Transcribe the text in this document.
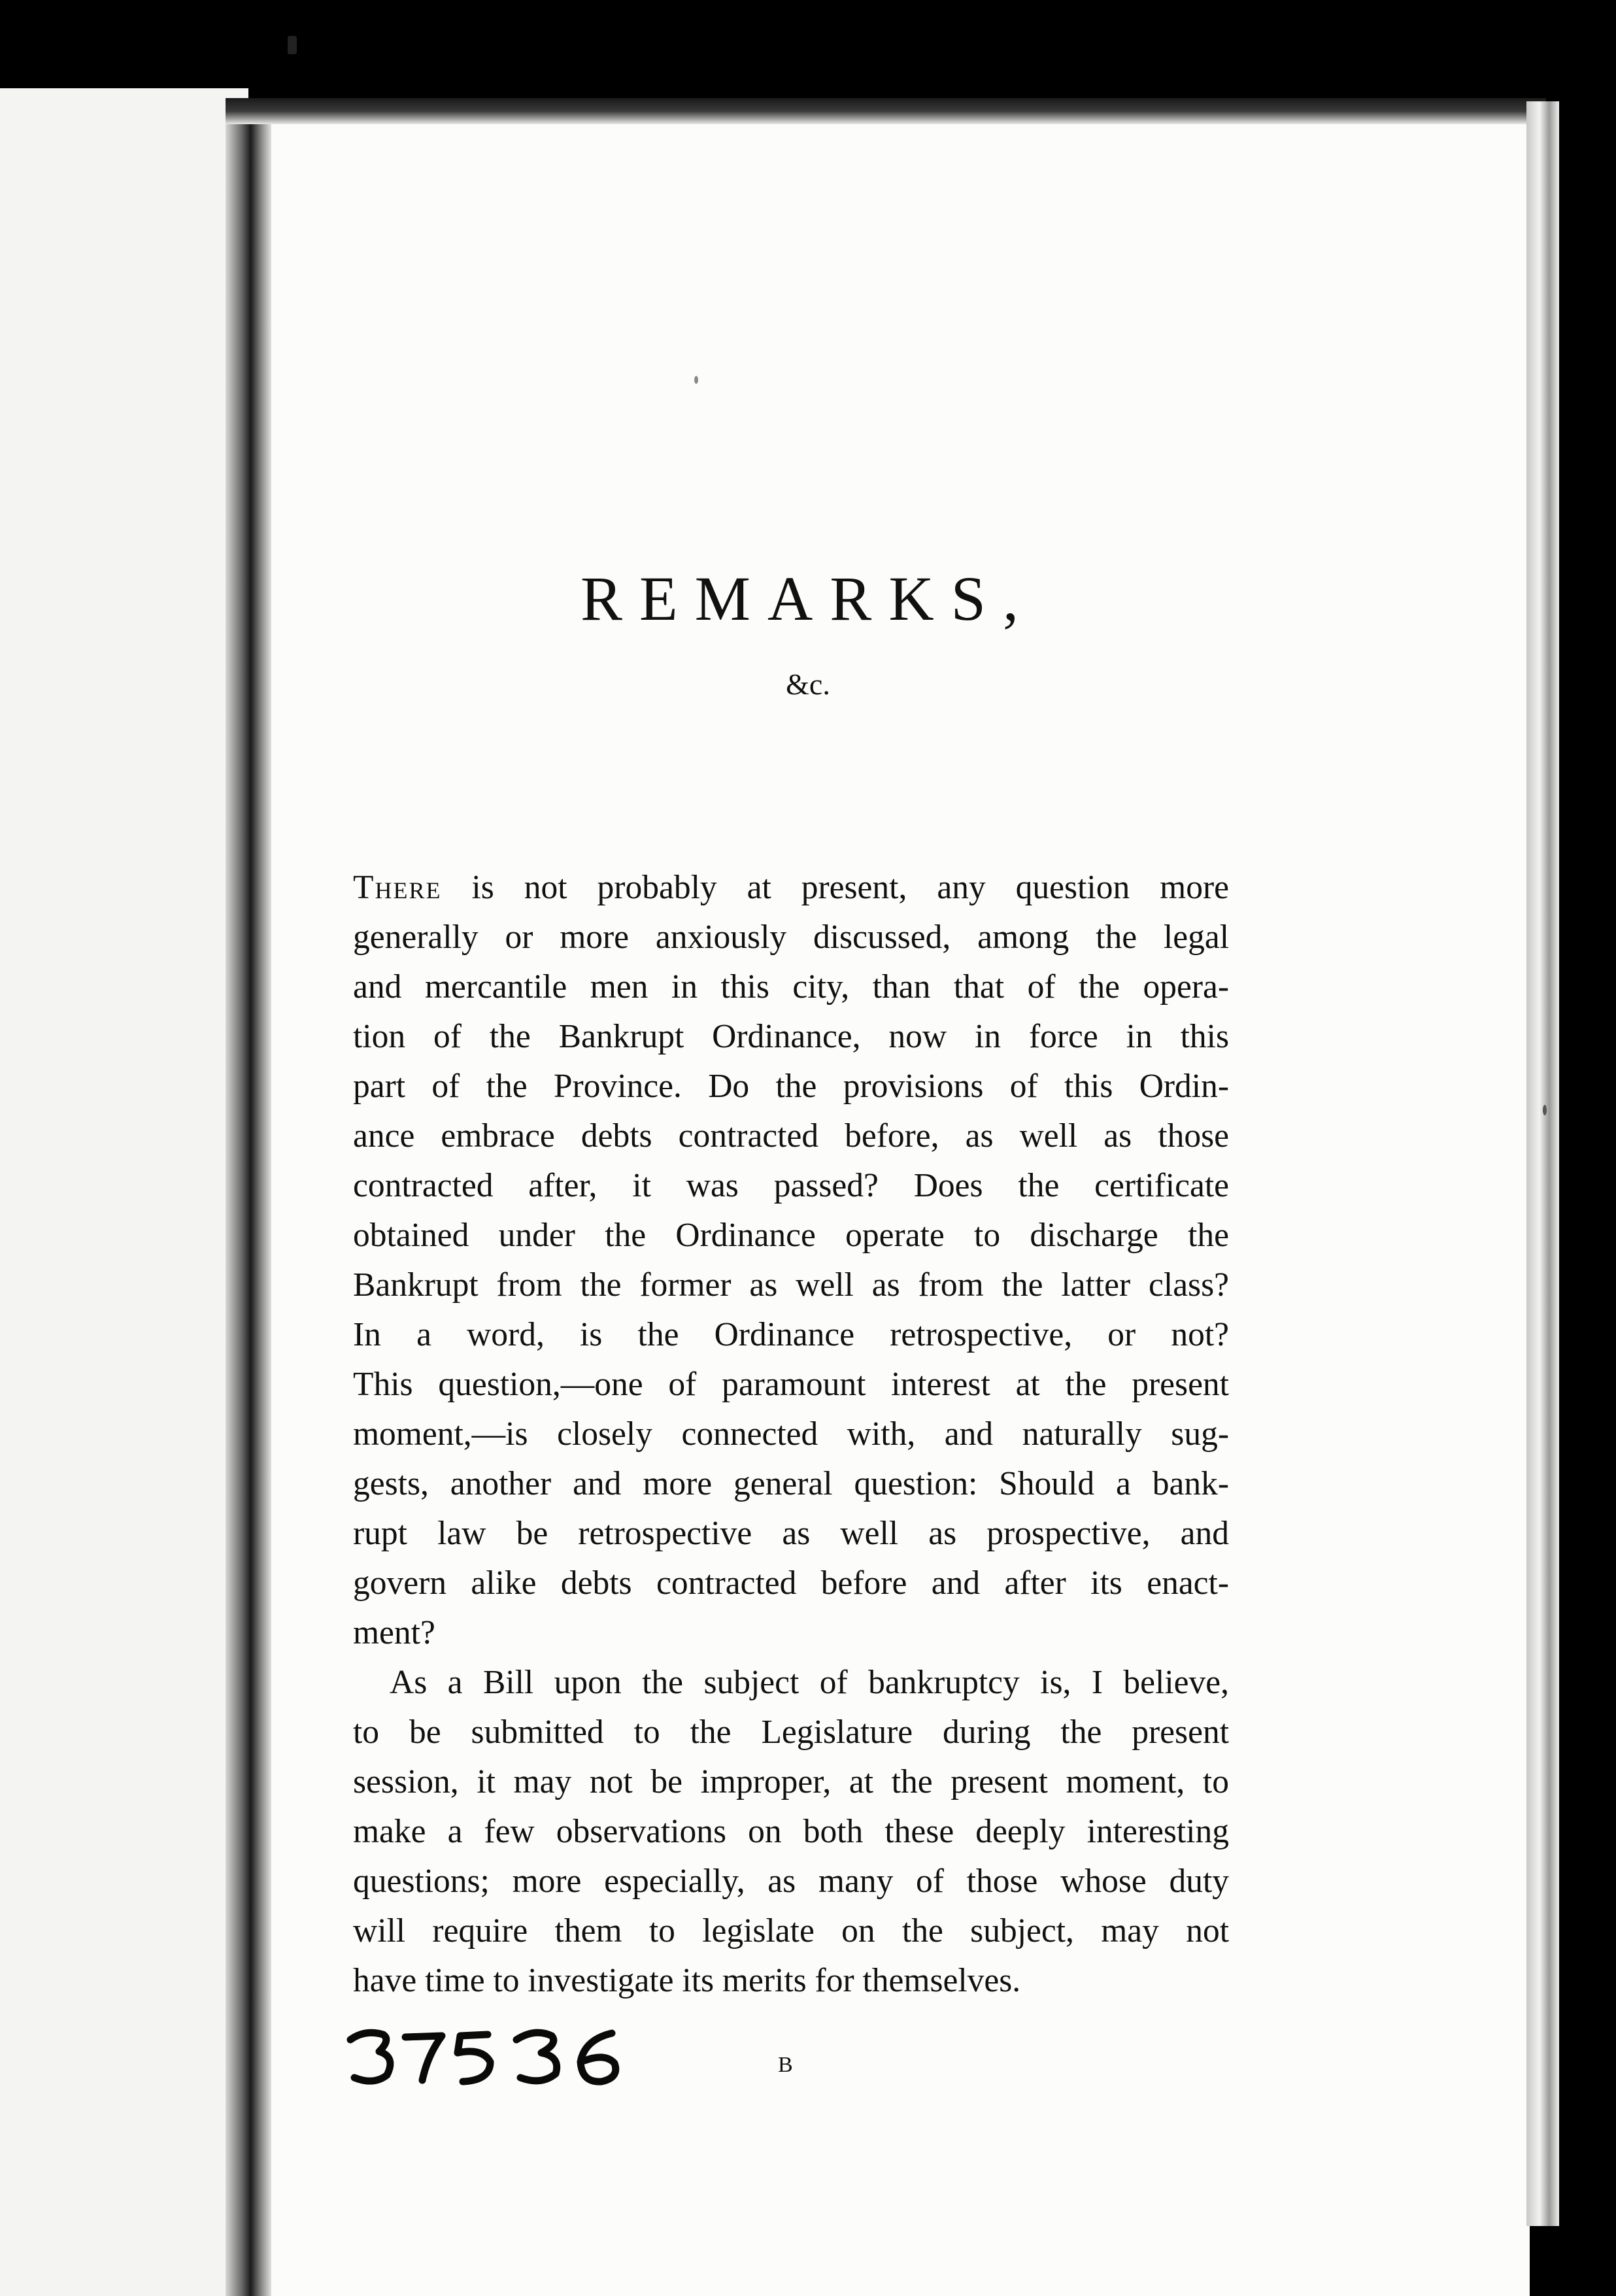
REMARKS,
&c.

There is not probably at present, any question more
generally or more anxiously discussed, among the legal
and mercantile men in this city, than that of the opera-
tion of the Bankrupt Ordinance, now in force in this
part of the Province. Do the provisions of this Ordin-
ance embrace debts contracted before, as well as those
contracted after, it was passed? Does the certificate
obtained under the Ordinance operate to discharge the
Bankrupt from the former as well as from the latter class?
In a word, is the Ordinance retrospective, or not?
This question,—one of paramount interest at the present
moment,—is closely connected with, and naturally sug-
gests, another and more general question: Should a bank-
rupt law be retrospective as well as prospective, and
govern alike debts contracted before and after its enact-
ment?

As a Bill upon the subject of bankruptcy is, I believe,
to be submitted to the Legislature during the present
session, it may not be improper, at the present moment, to
make a few observations on both these deeply interesting
questions; more especially, as many of those whose duty
will require them to legislate on the subject, may not
have time to investigate its merits for themselves.

B
